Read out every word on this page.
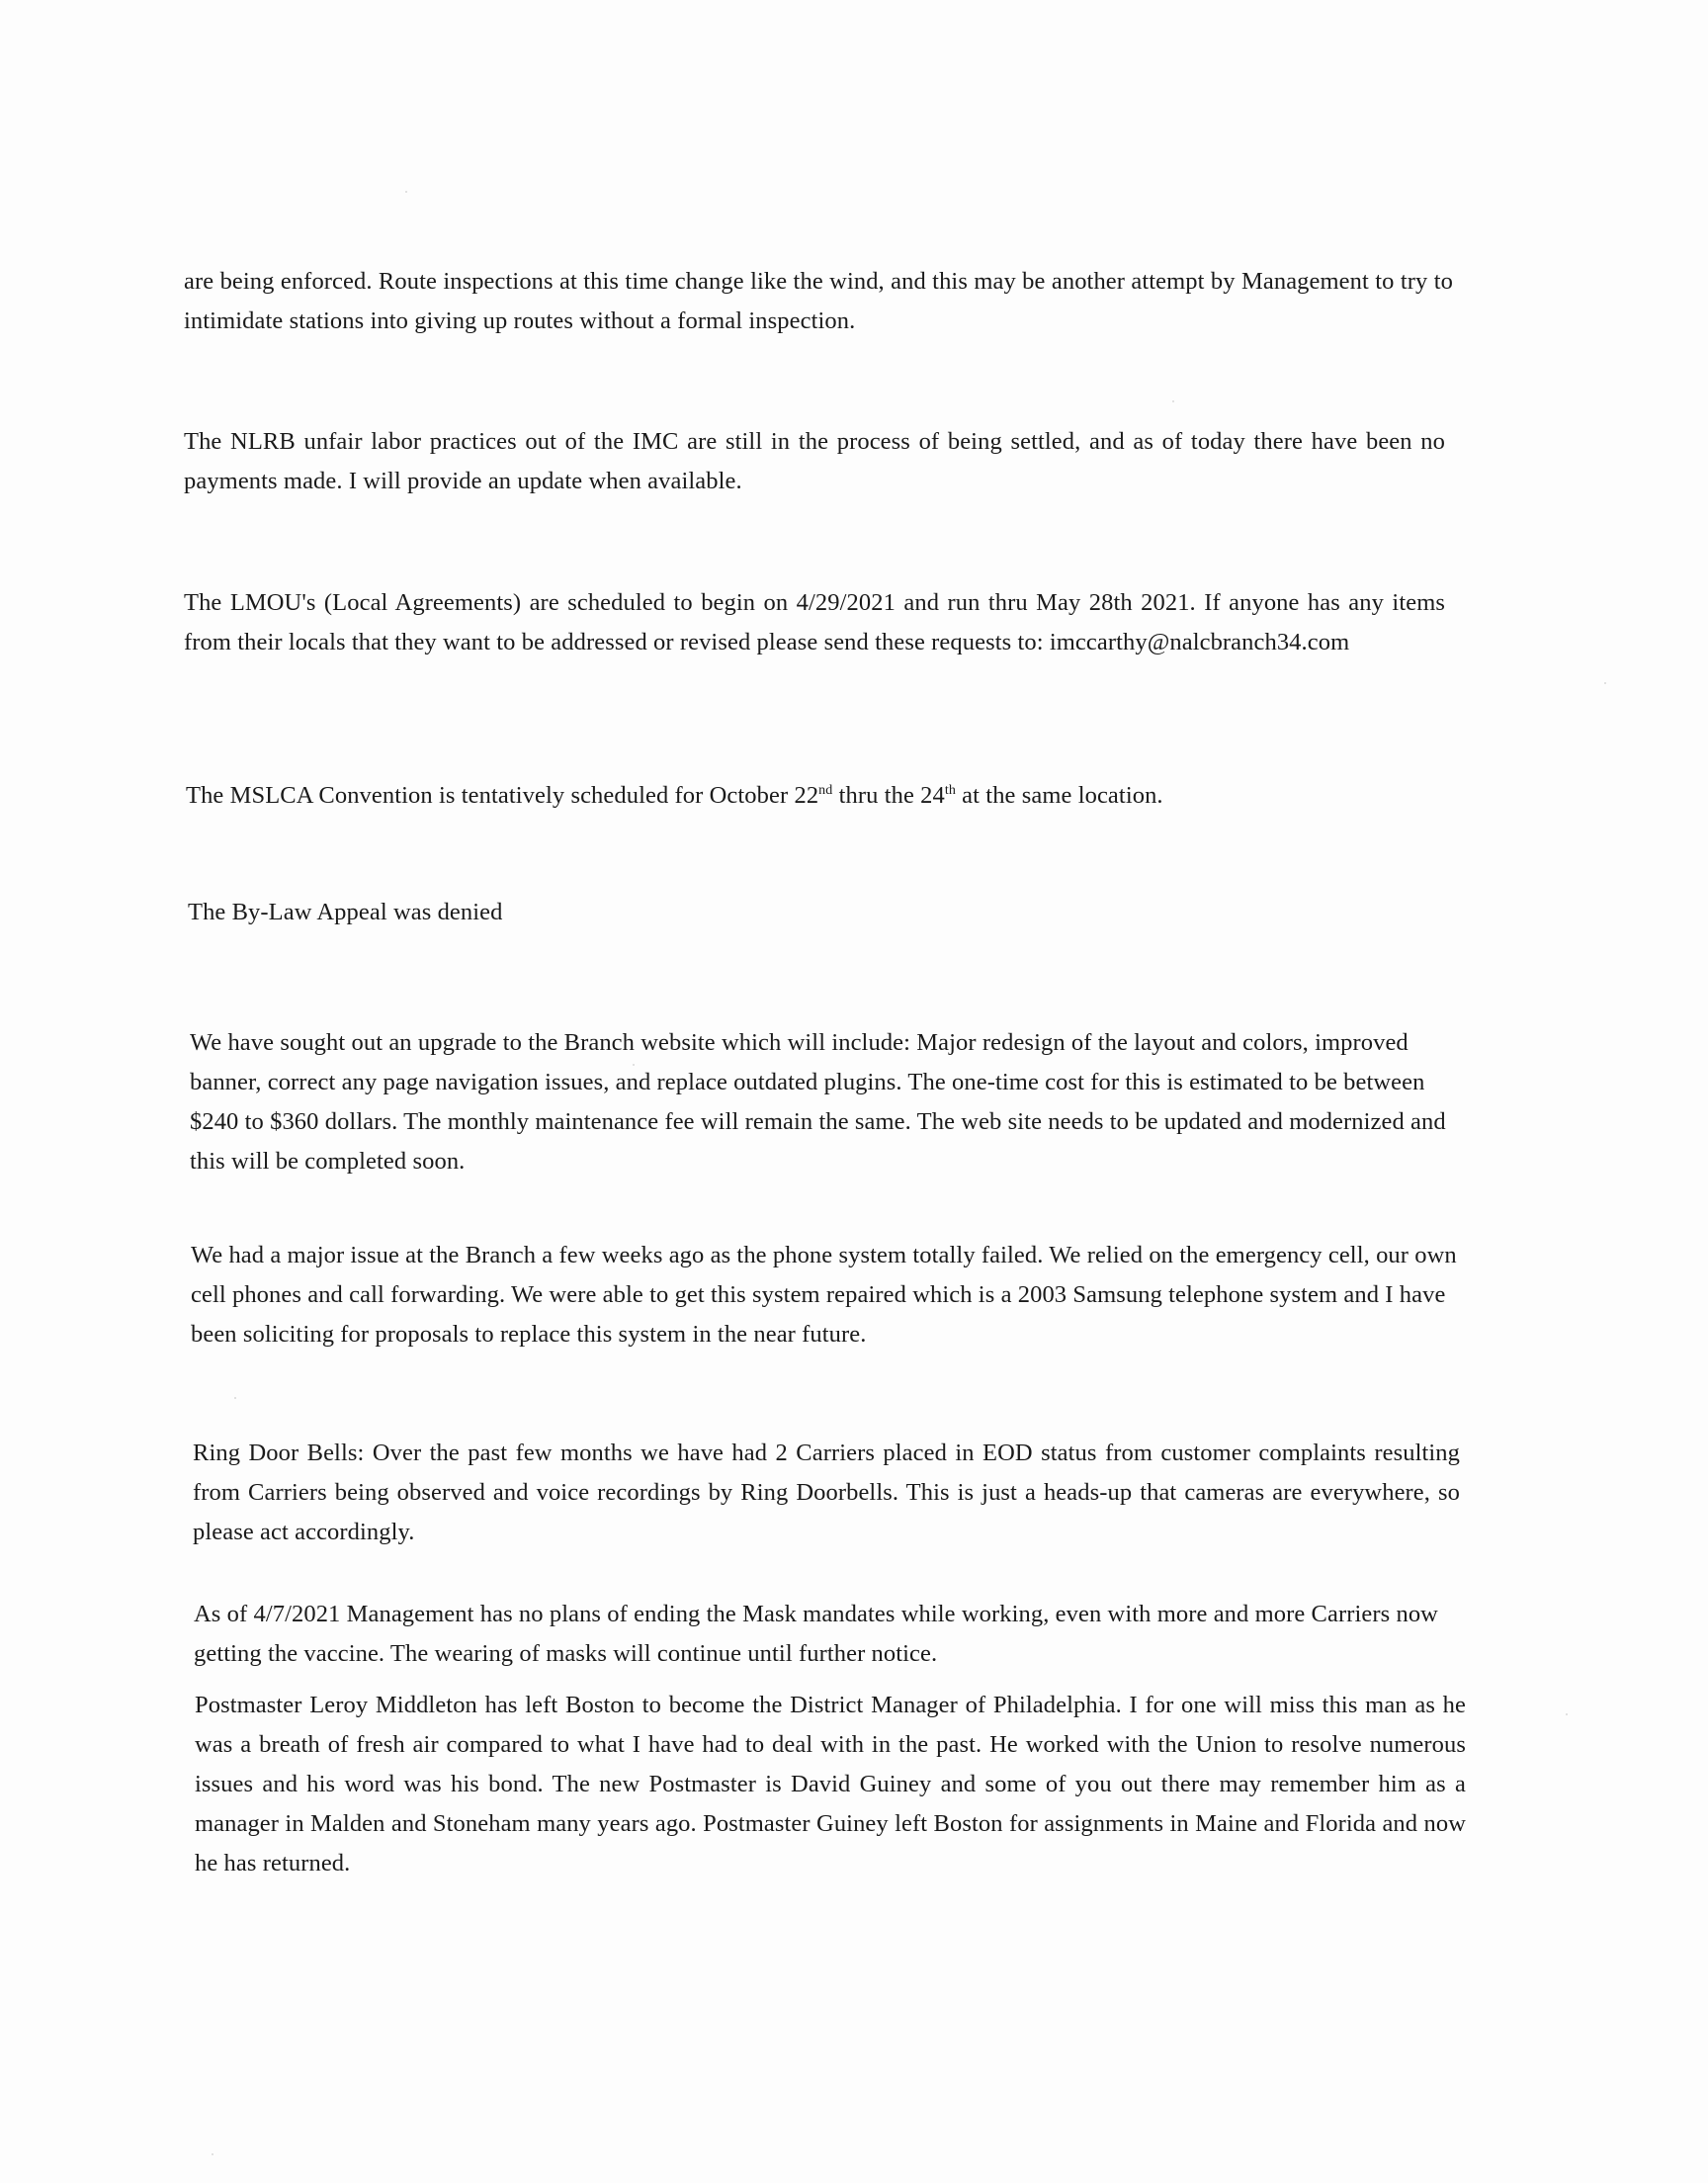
are being enforced. Route inspections at this time change like the wind, and this may be another attempt by Management to try to intimidate stations into giving up routes without a formal inspection.

The NLRB unfair labor practices out of the IMC are still in the process of being settled, and as of today there have been no payments made. I will provide an update when available.

The LMOU's (Local Agreements) are scheduled to begin on 4/29/2021 and run thru May 28th 2021. If anyone has any items from their locals that they want to be addressed or revised please send these requests to: imccarthy@nalcbranch34.com

The MSLCA Convention is tentatively scheduled for October 22nd thru the 24th at the same location.

The By-Law Appeal was denied

We have sought out an upgrade to the Branch website which will include: Major redesign of the layout and colors, improved banner, correct any page navigation issues, and replace outdated plugins. The one-time cost for this is estimated to be between $240 to $360 dollars. The monthly maintenance fee will remain the same. The web site needs to be updated and modernized and this will be completed soon.

We had a major issue at the Branch a few weeks ago as the phone system totally failed. We relied on the emergency cell, our own cell phones and call forwarding. We were able to get this system repaired which is a 2003 Samsung telephone system and I have been soliciting for proposals to replace this system in the near future.

Ring Door Bells: Over the past few months we have had 2 Carriers placed in EOD status from customer complaints resulting from Carriers being observed and voice recordings by Ring Doorbells. This is just a heads-up that cameras are everywhere, so please act accordingly.

As of 4/7/2021 Management has no plans of ending the Mask mandates while working, even with more and more Carriers now getting the vaccine. The wearing of masks will continue until further notice.

Postmaster Leroy Middleton has left Boston to become the District Manager of Philadelphia. I for one will miss this man as he was a breath of fresh air compared to what I have had to deal with in the past. He worked with the Union to resolve numerous issues and his word was his bond. The new Postmaster is David Guiney and some of you out there may remember him as a manager in Malden and Stoneham many years ago. Postmaster Guiney left Boston for assignments in Maine and Florida and now he has returned.
